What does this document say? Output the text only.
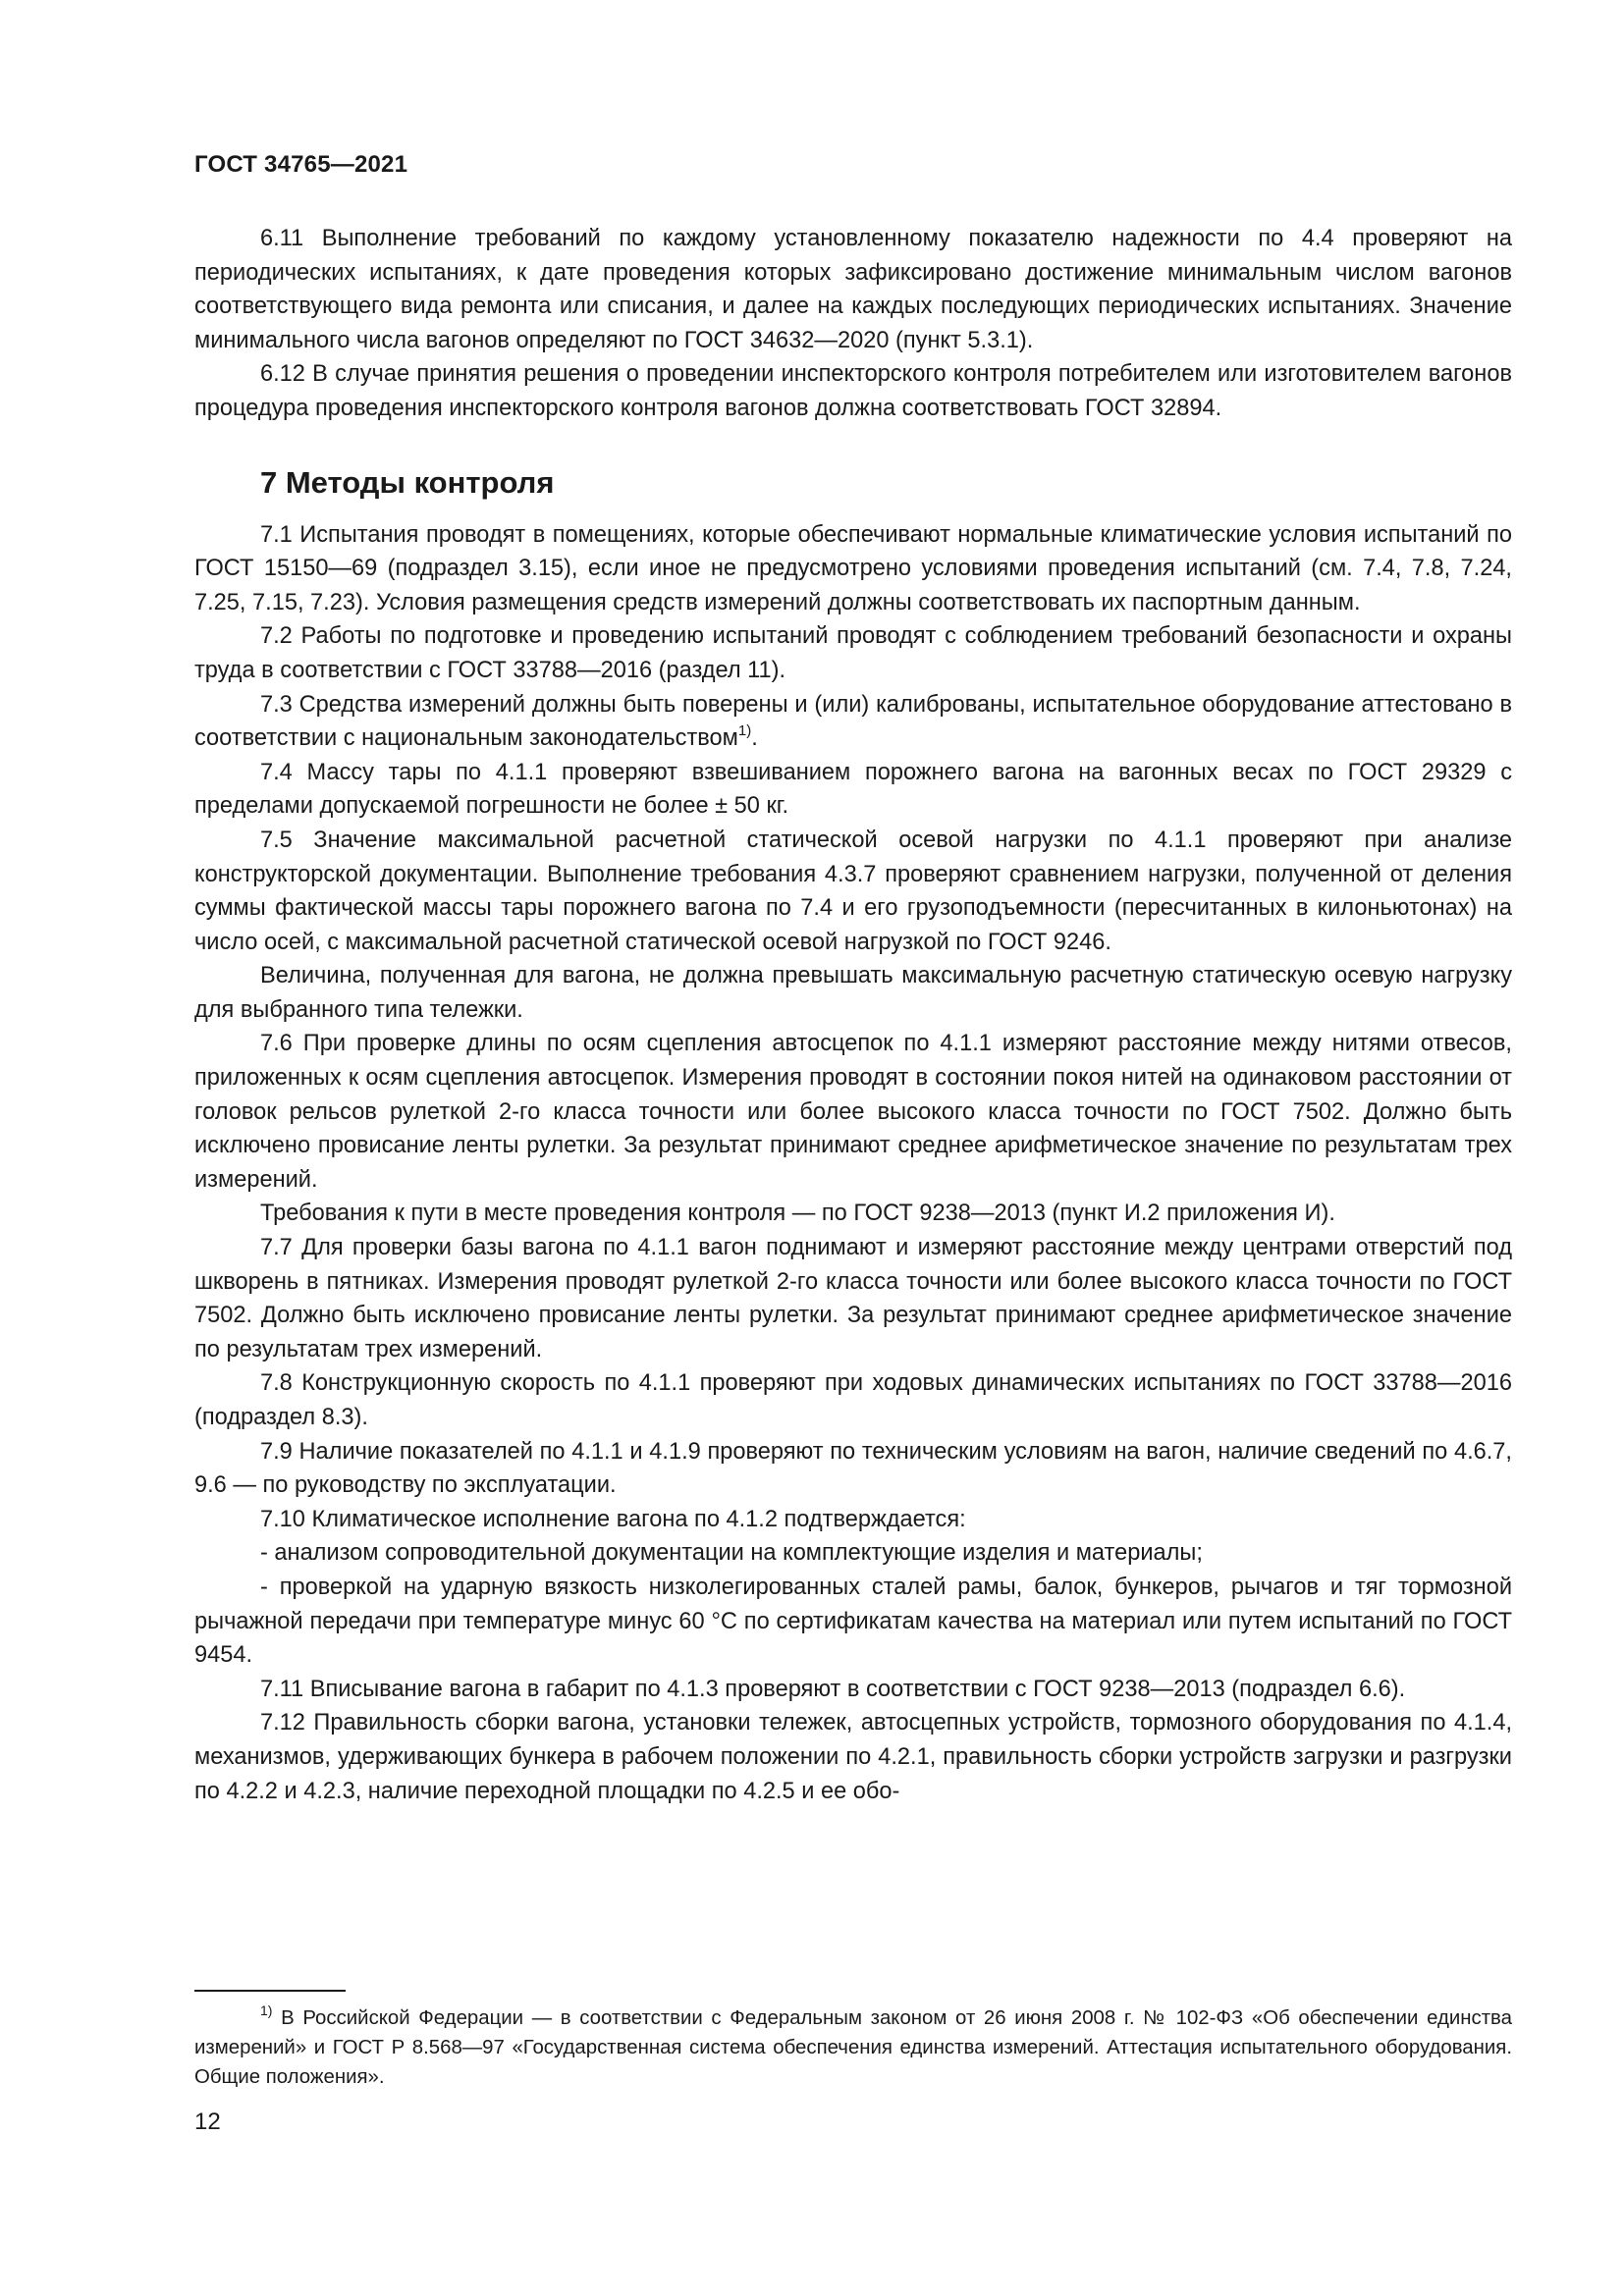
ГОСТ 34765—2021

6.11 Выполнение требований по каждому установленному показателю надежности по 4.4 проверяют на периодических испытаниях, к дате проведения которых зафиксировано достижение минимальным числом вагонов соответствующего вида ремонта или списания, и далее на каждых последующих периодических испытаниях. Значение минимального числа вагонов определяют по ГОСТ 34632—2020 (пункт 5.3.1).

6.12 В случае принятия решения о проведении инспекторского контроля потребителем или изготовителем вагонов процедура проведения инспекторского контроля вагонов должна соответствовать ГОСТ 32894.

7 Методы контроля

7.1 Испытания проводят в помещениях, которые обеспечивают нормальные климатические условия испытаний по ГОСТ 15150—69 (подраздел 3.15), если иное не предусмотрено условиями проведения испытаний (см. 7.4, 7.8, 7.24, 7.25, 7.15, 7.23). Условия размещения средств измерений должны соответствовать их паспортным данным.

7.2 Работы по подготовке и проведению испытаний проводят с соблюдением требований безопасности и охраны труда в соответствии с ГОСТ 33788—2016 (раздел 11).

7.3 Средства измерений должны быть поверены и (или) калиброваны, испытательное оборудование аттестовано в соответствии с национальным законодательством$^{1)}$.

7.4 Массу тары по 4.1.1 проверяют взвешиванием порожнего вагона на вагонных весах по ГОСТ 29329 с пределами допускаемой погрешности не более ± 50 кг.

7.5 Значение максимальной расчетной статической осевой нагрузки по 4.1.1 проверяют при анализе конструкторской документации. Выполнение требования 4.3.7 проверяют сравнением нагрузки, полученной от деления суммы фактической массы тары порожнего вагона по 7.4 и его грузоподъемности (пересчитанных в килоньютонах) на число осей, с максимальной расчетной статической осевой нагрузкой по ГОСТ 9246.

Величина, полученная для вагона, не должна превышать максимальную расчетную статическую осевую нагрузку для выбранного типа тележки.

7.6 При проверке длины по осям сцепления автосцепок по 4.1.1 измеряют расстояние между нитями отвесов, приложенных к осям сцепления автосцепок. Измерения проводят в состоянии покоя нитей на одинаковом расстоянии от головок рельсов рулеткой 2-го класса точности или более высокого класса точности по ГОСТ 7502. Должно быть исключено провисание ленты рулетки. За результат принимают среднее арифметическое значение по результатам трех измерений.

Требования к пути в месте проведения контроля — по ГОСТ 9238—2013 (пункт И.2 приложения И).

7.7 Для проверки базы вагона по 4.1.1 вагон поднимают и измеряют расстояние между центрами отверстий под шкворень в пятниках. Измерения проводят рулеткой 2-го класса точности или более высокого класса точности по ГОСТ 7502. Должно быть исключено провисание ленты рулетки. За результат принимают среднее арифметическое значение по результатам трех измерений.

7.8 Конструкционную скорость по 4.1.1 проверяют при ходовых динамических испытаниях по ГОСТ 33788—2016 (подраздел 8.3).

7.9 Наличие показателей по 4.1.1 и 4.1.9 проверяют по техническим условиям на вагон, наличие сведений по 4.6.7, 9.6 — по руководству по эксплуатации.

7.10 Климатическое исполнение вагона по 4.1.2 подтверждается:

- анализом сопроводительной документации на комплектующие изделия и материалы;

- проверкой на ударную вязкость низколегированных сталей рамы, балок, бункеров, рычагов и тяг тормозной рычажной передачи при температуре минус 60 °С по сертификатам качества на материал или путем испытаний по ГОСТ 9454.

7.11 Вписывание вагона в габарит по 4.1.3 проверяют в соответствии с ГОСТ 9238—2013 (подраздел 6.6).

7.12 Правильность сборки вагона, установки тележек, автосцепных устройств, тормозного оборудования по 4.1.4, механизмов, удерживающих бункера в рабочем положении по 4.2.1, правильность сборки устройств загрузки и разгрузки по 4.2.2 и 4.2.3, наличие переходной площадки по 4.2.5 и ее обо-

$^{1)}$ В Российской Федерации — в соответствии с Федеральным законом от 26 июня 2008 г. № 102-ФЗ «Об обеспечении единства измерений» и ГОСТ Р 8.568—97 «Государственная система обеспечения единства измерений. Аттестация испытательного оборудования. Общие положения».
12
